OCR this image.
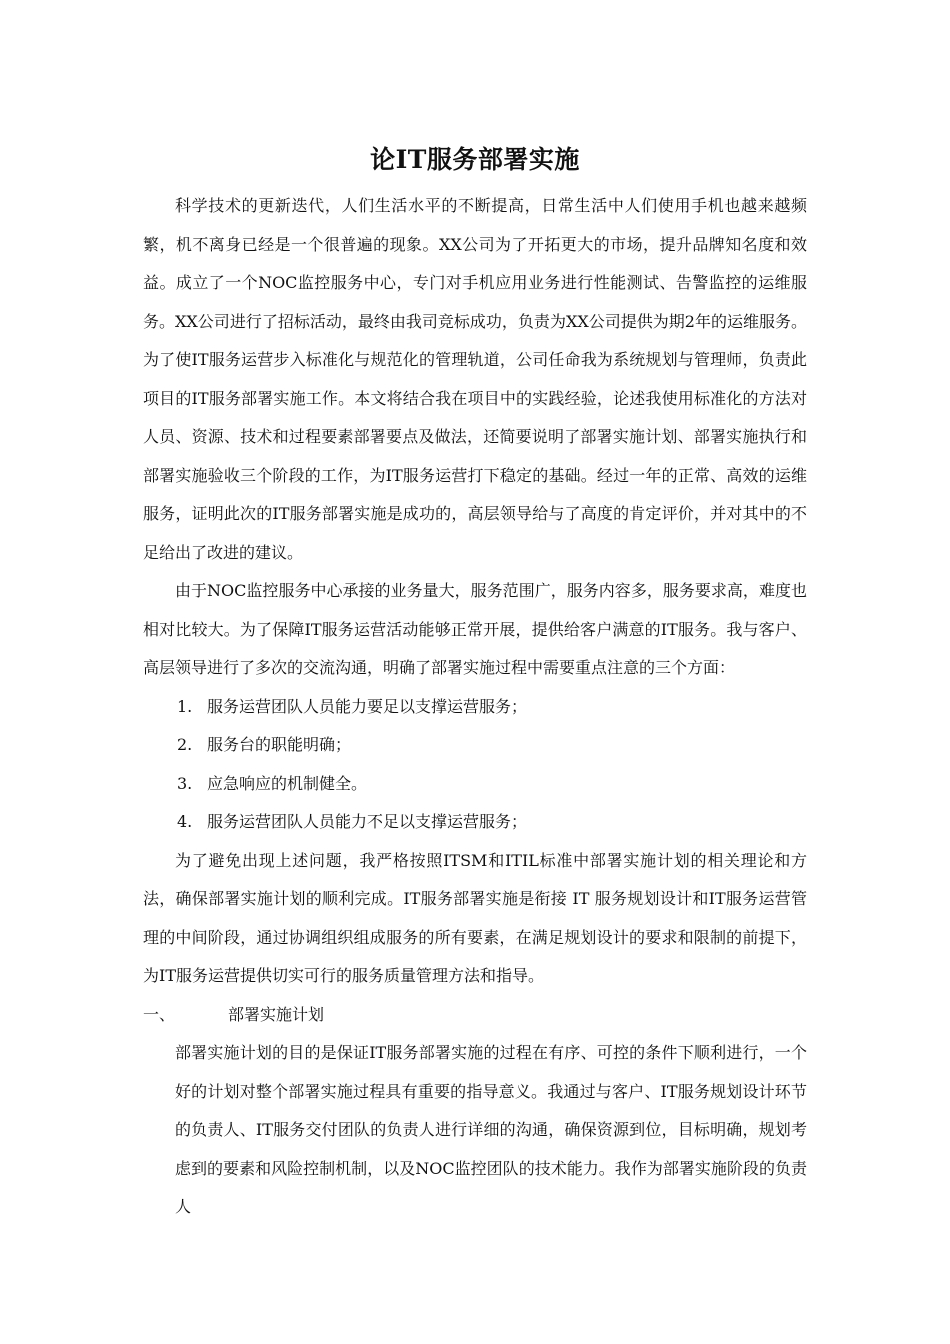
论IT服务部署实施

科学技术的更新迭代，人们生活水平的不断提高，日常生活中人们使用手机也越来越频繁，机不离身已经是一个很普遍的现象。XX公司为了开拓更大的市场，提升品牌知名度和效益。成立了一个NOC监控服务中心，专门对手机应用业务进行性能测试、告警监控的运维服务。XX公司进行了招标活动，最终由我司竞标成功，负责为XX公司提供为期2年的运维服务。为了使IT服务运营步入标准化与规范化的管理轨道，公司任命我为系统规划与管理师，负责此项目的IT服务部署实施工作。本文将结合我在项目中的实践经验，论述我使用标准化的方法对人员、资源、技术和过程要素部署要点及做法，还简要说明了部署实施计划、部署实施执行和部署实施验收三个阶段的工作，为IT服务运营打下稳定的基础。经过一年的正常、高效的运维服务，证明此次的IT服务部署实施是成功的，高层领导给与了高度的肯定评价，并对其中的不足给出了改进的建议。

由于NOC监控服务中心承接的业务量大，服务范围广，服务内容多，服务要求高，难度也相对比较大。为了保障IT服务运营活动能够正常开展，提供给客户满意的IT服务。我与客户、高层领导进行了多次的交流沟通，明确了部署实施过程中需要重点注意的三个方面：

1. 服务运营团队人员能力要足以支撑运营服务；
2. 服务台的职能明确；
3. 应急响应的机制健全。
4. 服务运营团队人员能力不足以支撑运营服务；

为了避免出现上述问题，我严格按照ITSM和ITIL标准中部署实施计划的相关理论和方法，确保部署实施计划的顺利完成。IT服务部署实施是衔接 IT 服务规划设计和IT服务运营管理的中间阶段，通过协调组织组成服务的所有要素，在满足规划设计的要求和限制的前提下，为IT服务运营提供切实可行的服务质量管理方法和指导。

一、	部署实施计划

部署实施计划的目的是保证IT服务部署实施的过程在有序、可控的条件下顺利进行，一个好的计划对整个部署实施过程具有重要的指导意义。我通过与客户、IT服务规划设计环节的负责人、IT服务交付团队的负责人进行详细的沟通，确保资源到位，目标明确，规划考虑到的要素和风险控制机制，以及NOC监控团队的技术能力。我作为部署实施阶段的负责人
